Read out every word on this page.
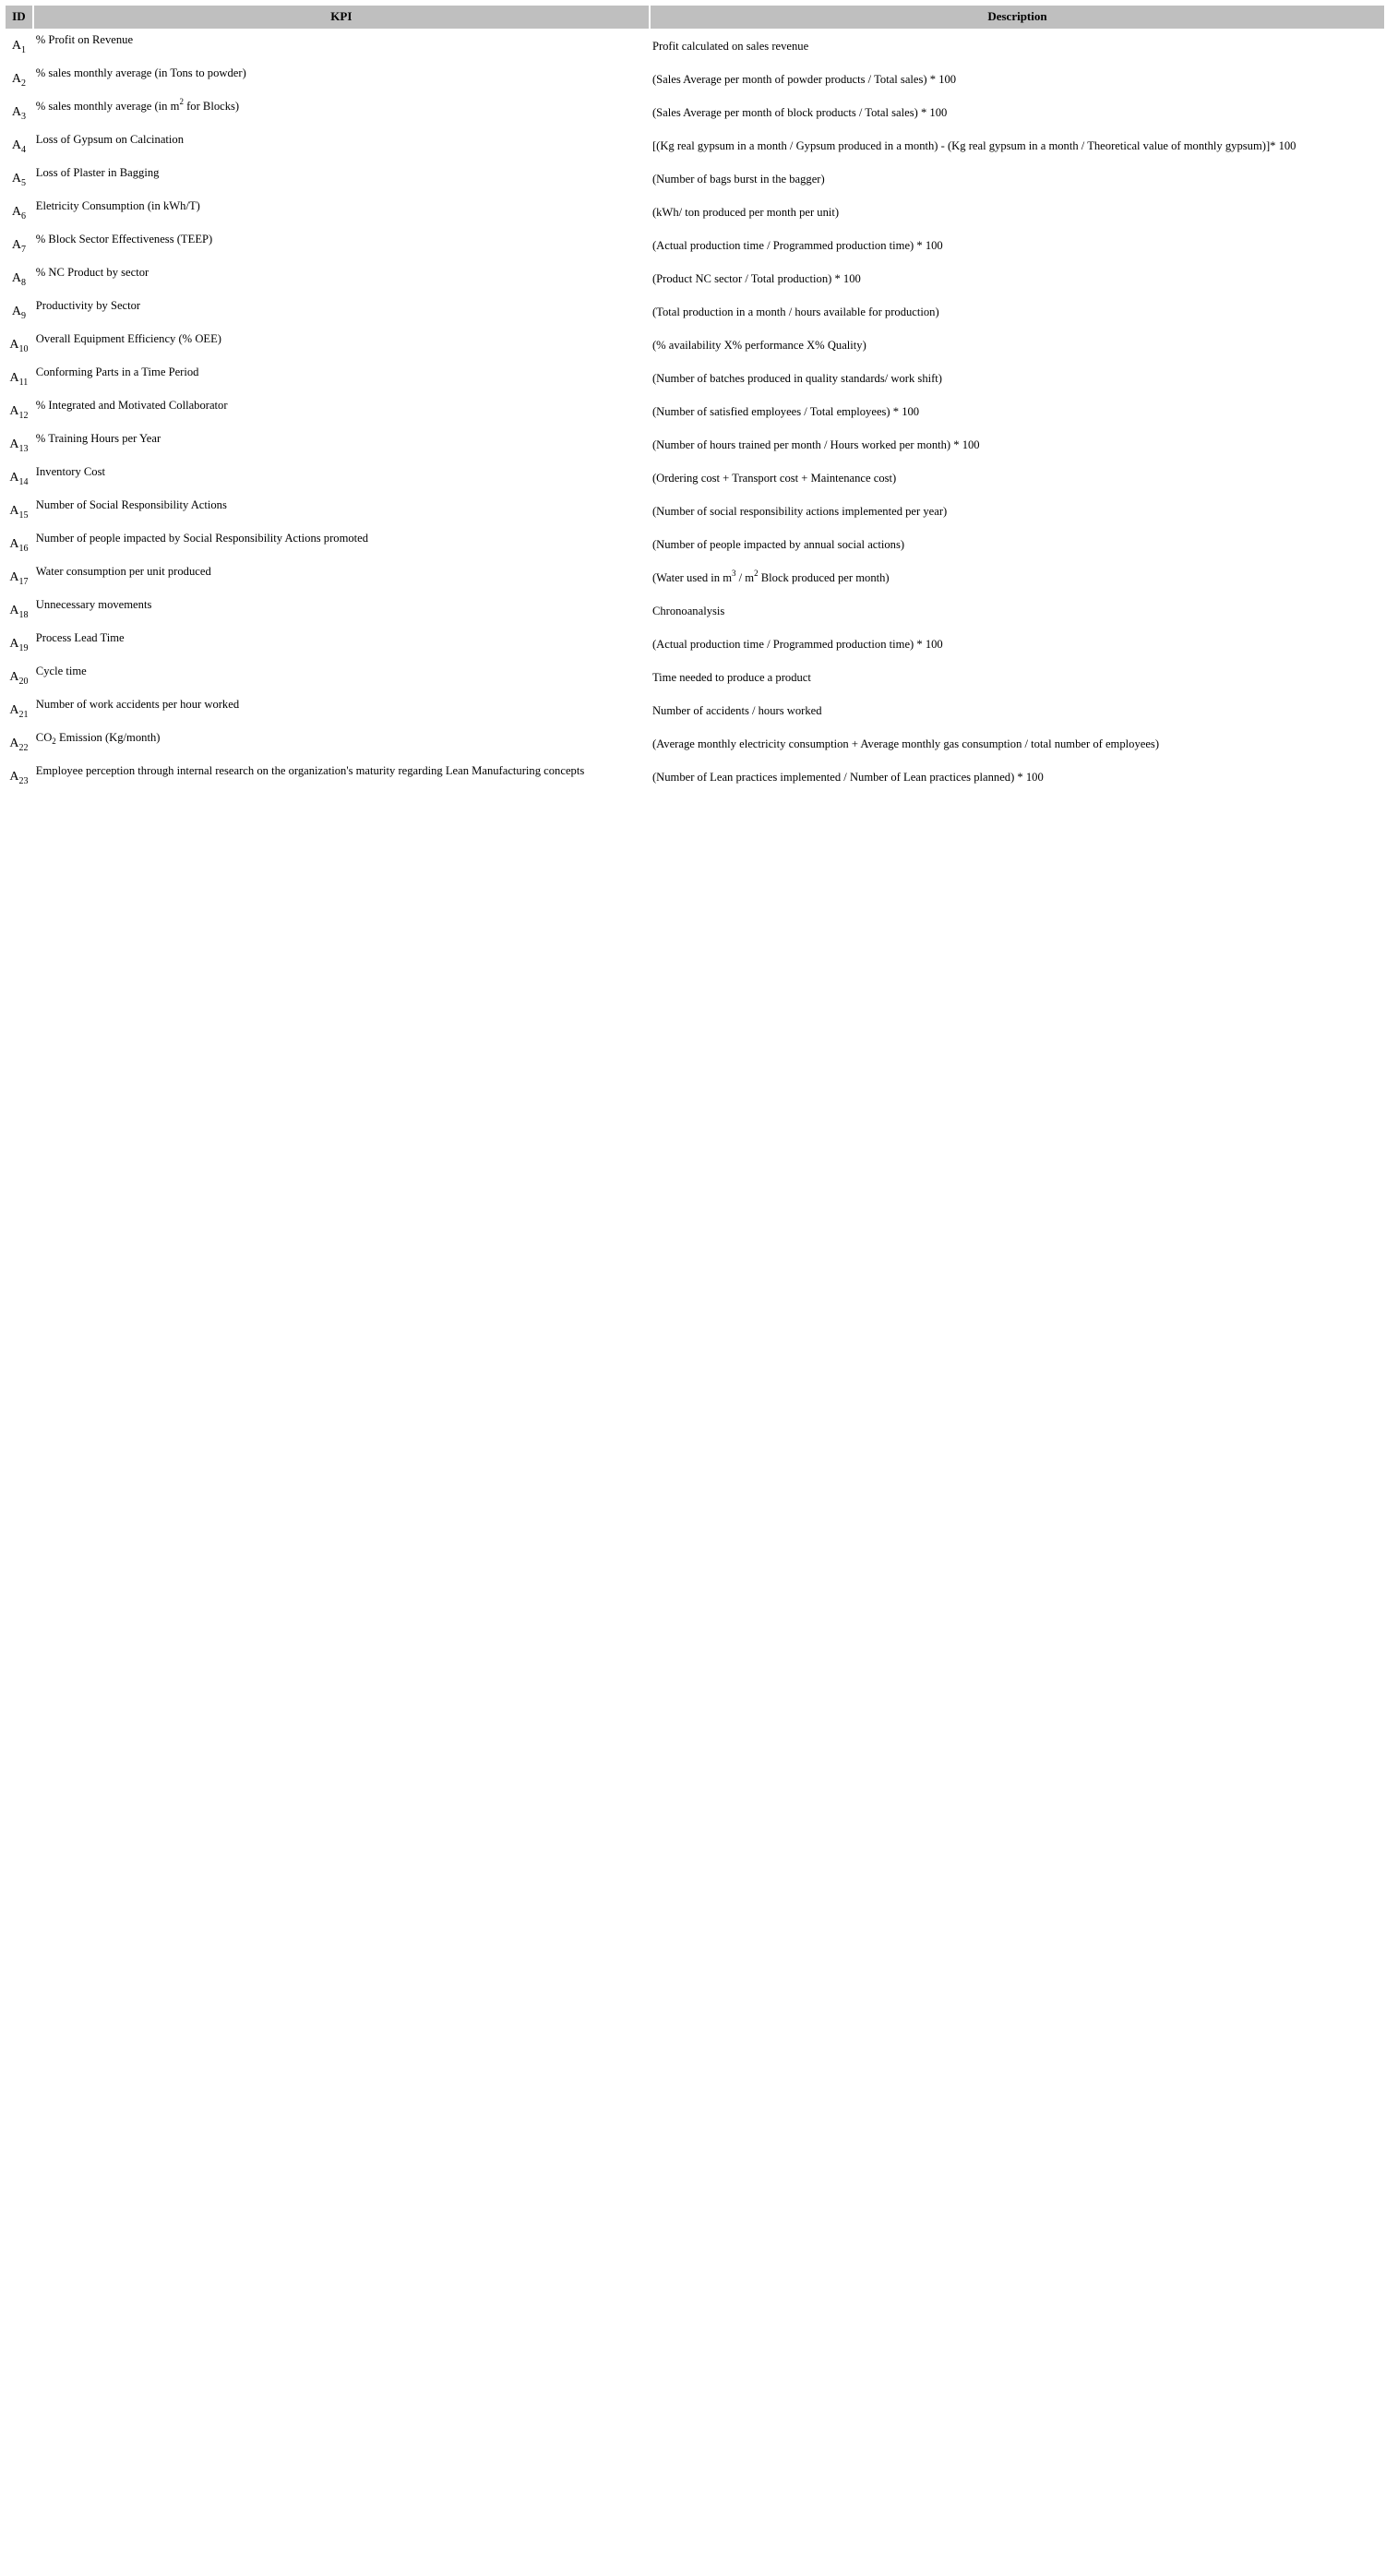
ID	KPI	Description
$A_1$	% Profit on Revenue	Profit calculated on sales revenue
$A_2$	% sales monthly average (in Tons to powder)	(Sales Average per month of powder products / Total sales) * 100
$A_3$	% sales monthly average (in $m^2$ for Blocks)	(Sales Average per month of block products / Total sales) * 100
$A_4$	Loss of Gypsum on Calcination	[(Kg real gypsum in a month / Gypsum produced in a month) - (Kg real gypsum in a month / Theoretical value of monthly gypsum)]* 100
$A_5$	Loss of Plaster in Bagging	(Number of bags burst in the bagger)
$A_6$	Eletricity Consumption (in kWh/T)	(kWh/ ton produced per month per unit)
$A_7$	% Block Sector Effectiveness (TEEP)	(Actual production time / Programmed production time) * 100
$A_8$	% NC Product by sector	(Product NC sector / Total production) * 100
$A_9$	Productivity by Sector	(Total production in a month / hours available for production)
$A_{10}$	Overall Equipment Efficiency (% OEE)	(% availability X% performance X% Quality)
$A_{11}$	Conforming Parts in a Time Period	(Number of batches produced in quality standards/ work shift)
$A_{12}$	% Integrated and Motivated Collaborator	(Number of satisfied employees / Total employees) * 100
$A_{13}$	% Training Hours per Year	(Number of hours trained per month / Hours worked per month) * 100
$A_{14}$	Inventory Cost	(Ordering cost + Transport cost + Maintenance cost)
$A_{15}$	Number of Social Responsibility Actions	(Number of social responsibility actions implemented per year)
$A_{16}$	Number of people impacted by Social Responsibility Actions promoted	(Number of people impacted by annual social actions)
$A_{17}$	Water consumption per unit produced	(Water used in $m^3 / m^2$ Block produced per month)
$A_{18}$	Unnecessary movements	Chronoanalysis
$A_{19}$	Process Lead Time	(Actual production time / Programmed production time) * 100
$A_{20}$	Cycle time	Time needed to produce a product
$A_{21}$	Number of work accidents per hour worked	Number of accidents / hours worked
$A_{22}$	$CO_2$ Emission (Kg/month)	(Average monthly electricity consumption + Average monthly gas consumption / total number of employees)
$A_{23}$	Employee perception through internal research on the organization's maturity regarding Lean Manufacturing concepts	(Number of Lean practices implemented / Number of Lean practices planned) * 100
